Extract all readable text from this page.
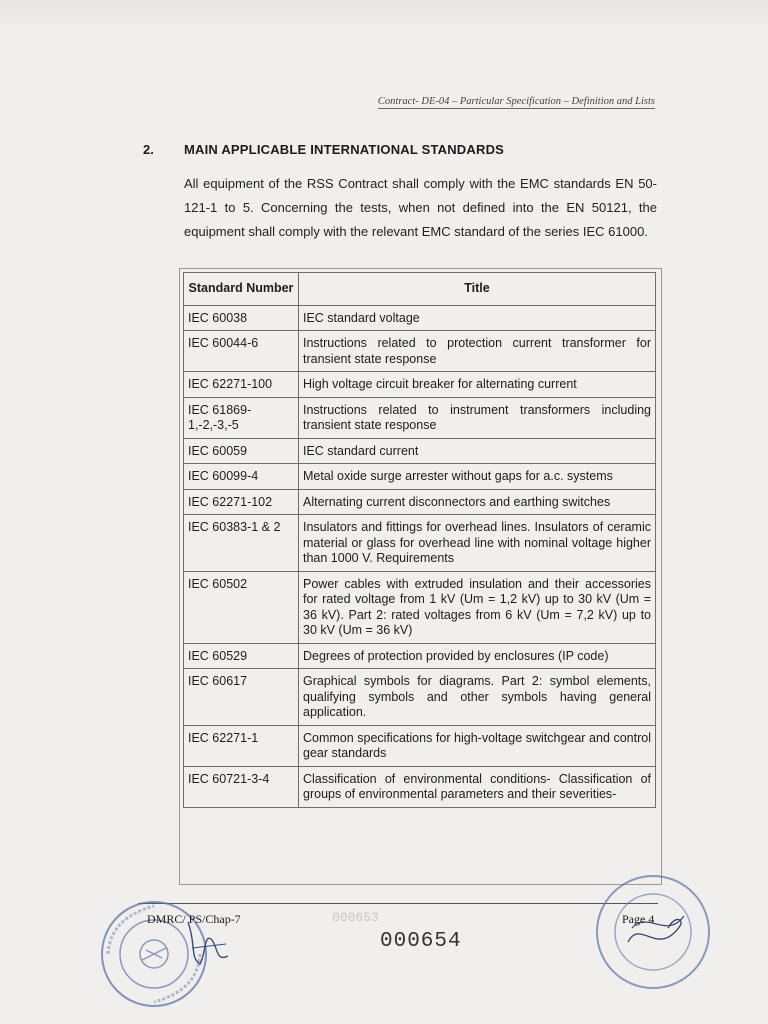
Contract- DE-04 – Particular Specification – Definition and Lists
2. MAIN APPLICABLE INTERNATIONAL STANDARDS

All equipment of the RSS Contract shall comply with the EMC standards EN 50-121-1 to 5. Concerning the tests, when not defined into the EN 50121, the equipment shall comply with the relevant EMC standard of the series IEC 61000.

Standard Number	Title
IEC 60038	IEC standard voltage
IEC 60044-6	Instructions related to protection current transformer for transient state response
IEC 62271-100	High voltage circuit breaker for alternating current
IEC 61869-1,-2,-3,-5	Instructions related to instrument transformers including transient state response
IEC 60059	IEC standard current
IEC 60099-4	Metal oxide surge arrester without gaps for a.c. systems
IEC 62271-102	Alternating current disconnectors and earthing switches
IEC 60383-1 & 2	Insulators and fittings for overhead lines. Insulators of ceramic material or glass for overhead line with nominal voltage higher than 1000 V. Requirements
IEC 60502	Power cables with extruded insulation and their accessories for rated voltage from 1 kV (Um = 1,2 kV) up to 30 kV (Um = 36 kV). Part 2: rated voltages from 6 kV (Um = 7,2 kV) up to 30 kV (Um = 36 kV)
IEC 60529	Degrees of protection provided by enclosures (IP code)
IEC 60617	Graphical symbols for diagrams. Part 2: symbol elements, qualifying symbols and other symbols having general application.
IEC 62271-1	Common specifications for high-voltage switchgear and control gear standards
IEC 60721-3-4	Classification of environmental conditions- Classification of groups of environmental parameters and their severities-
000653
DMRC/ PS/Chap-7
000654
Page 4
